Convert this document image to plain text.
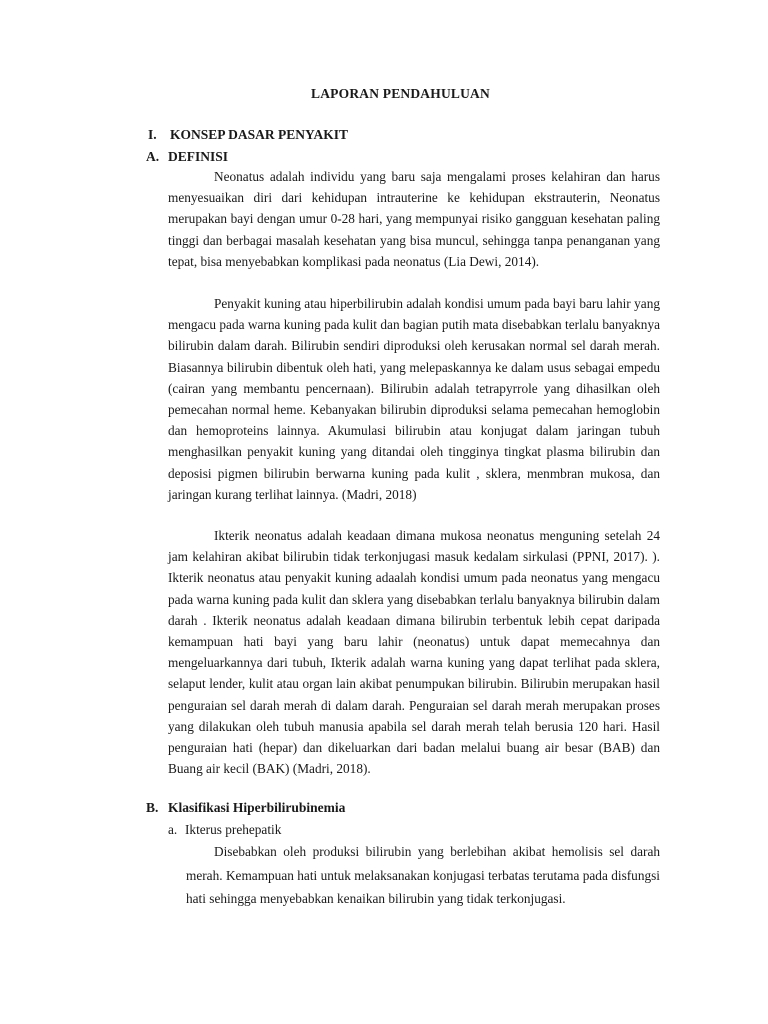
LAPORAN PENDAHULUAN
I. KONSEP DASAR PENYAKIT
A. DEFINISI

Neonatus adalah individu yang baru saja mengalami proses kelahiran dan harus menyesuaikan diri dari kehidupan intrauterine ke kehidupan ekstrauterin, Neonatus merupakan bayi dengan umur 0-28 hari, yang mempunyai risiko gangguan kesehatan paling tinggi dan berbagai masalah kesehatan yang bisa muncul, sehingga tanpa penanganan yang tepat, bisa menyebabkan komplikasi pada neonatus (Lia Dewi, 2014).

Penyakit kuning atau hiperbilirubin adalah kondisi umum pada bayi baru lahir yang mengacu pada warna kuning pada kulit dan bagian putih mata disebabkan terlalu banyaknya bilirubin dalam darah. Bilirubin sendiri diproduksi oleh kerusakan normal sel darah merah. Biasannya bilirubin dibentuk oleh hati, yang melepaskannya ke dalam usus sebagai empedu (cairan yang membantu pencernaan). Bilirubin adalah tetrapyrrole yang dihasilkan oleh pemecahan normal heme. Kebanyakan bilirubin diproduksi selama pemecahan hemoglobin dan hemoproteins lainnya. Akumulasi bilirubin atau konjugat dalam jaringan tubuh menghasilkan penyakit kuning yang ditandai oleh tingginya tingkat plasma bilirubin dan deposisi pigmen bilirubin berwarna kuning pada kulit , sklera, menmbran mukosa, dan jaringan kurang terlihat lainnya. (Madri, 2018)

Ikterik neonatus adalah keadaan dimana mukosa neonatus menguning setelah 24 jam kelahiran akibat bilirubin tidak terkonjugasi masuk kedalam sirkulasi (PPNI, 2017). ). Ikterik neonatus atau penyakit kuning adaalah kondisi umum pada neonatus yang mengacu pada warna kuning pada kulit dan sklera yang disebabkan terlalu banyaknya bilirubin dalam darah . Ikterik neonatus adalah keadaan dimana bilirubin terbentuk lebih cepat daripada kemampuan hati bayi yang baru lahir (neonatus) untuk dapat memecahnya dan mengeluarkannya dari tubuh, Ikterik adalah warna kuning yang dapat terlihat pada sklera, selaput lender, kulit atau organ lain akibat penumpukan bilirubin. Bilirubin merupakan hasil penguraian sel darah merah di dalam darah. Penguraian sel darah merah merupakan proses yang dilakukan oleh tubuh manusia apabila sel darah merah telah berusia 120 hari. Hasil penguraian hati (hepar) dan dikeluarkan dari badan melalui buang air besar (BAB) dan Buang air kecil (BAK) (Madri, 2018).

B. Klasifikasi Hiperbilirubinemia
a. Ikterus prehepatik

Disebabkan oleh produksi bilirubin yang berlebihan akibat hemolisis sel darah merah. Kemampuan hati untuk melaksanakan konjugasi terbatas terutama pada disfungsi hati sehingga menyebabkan kenaikan bilirubin yang tidak terkonjugasi.
